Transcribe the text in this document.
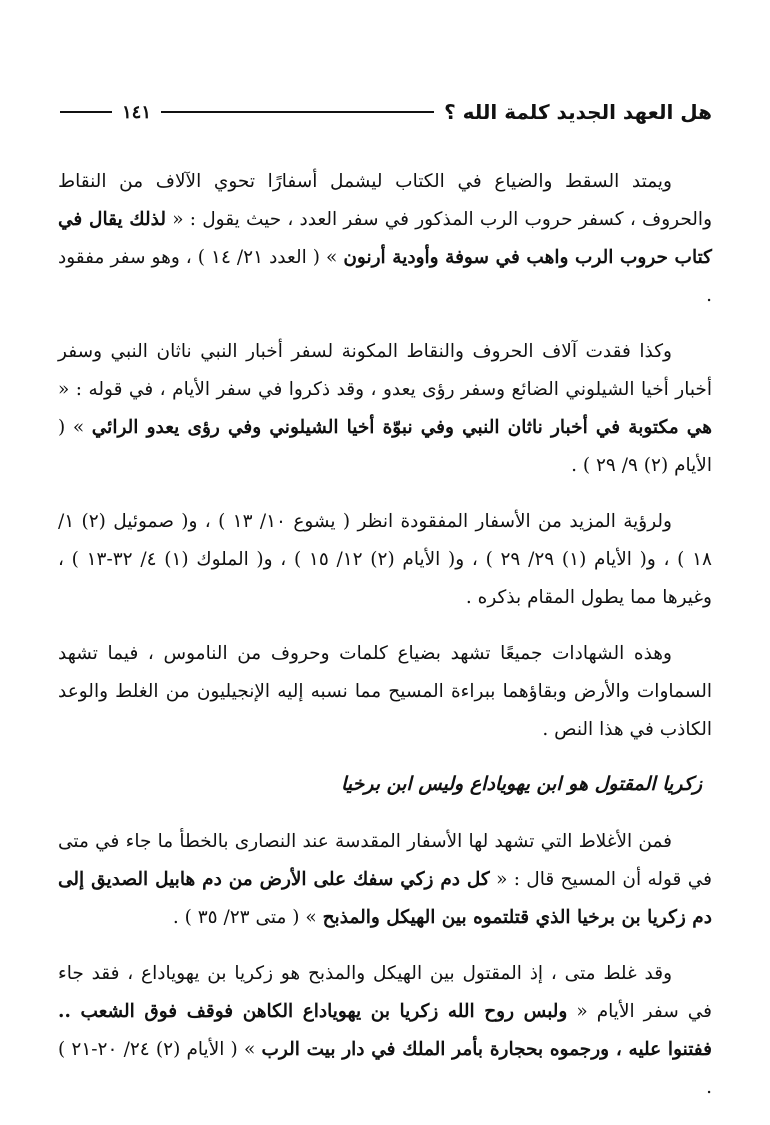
هل العهد الجديد كلمة الله ؟
١٤١

ويمتد السقط والضياع في الكتاب ليشمل أسفارًا تحوي الآلاف من النقاط والحروف ، كسفر حروب الرب المذكور في سفر العدد ، حيث يقول : « لذلك يقال في كتاب حروب الرب واهب في سوفة وأودية أرنون » ( العدد ٢١/ ١٤ ) ، وهو سفر مفقود .

وكذا فقدت آلاف الحروف والنقاط المكونة لسفر أخبار النبي ناثان النبي وسفر أخبار أخيا الشيلوني الضائع وسفر رؤى يعدو ، وقد ذكروا في سفر الأيام ، في قوله : « هي مكتوبة في أخبار ناثان النبي وفي نبوّة أخيا الشيلوني وفي رؤى يعدو الرائي » ( الأيام (٢) ٩/ ٢٩ ) .

ولرؤية المزيد من الأسفار المفقودة انظر ( يشوع ١٠/ ١٣ ) ، و( صموئيل (٢) ١/ ١٨ ) ، و( الأيام (١) ٢٩/ ٢٩ ) ، و( الأيام (٢) ١٢/ ١٥ ) ، و( الملوك (١) ٤/ ٣٢-١٣ ) ، وغيرها مما يطول المقام بذكره .

وهذه الشهادات جميعًا تشهد بضياع كلمات وحروف من الناموس ، فيما تشهد السماوات والأرض وبقاؤهما ببراءة المسيح مما نسبه إليه الإنجيليون من الغلط والوعد الكاذب في هذا النص .

زكريا المقتول هو ابن يهوياداع وليس ابن برخيا

فمن الأغلاط التي تشهد لها الأسفار المقدسة عند النصارى بالخطأ ما جاء في متى في قوله أن المسيح قال : « كل دم زكي سفك على الأرض من دم هابيل الصديق إلى دم زكريا بن برخيا الذي قتلتموه بين الهيكل والمذبح » ( متى ٢٣/ ٣٥ ) .

وقد غلط متى ، إذ المقتول بين الهيكل والمذبح هو زكريا بن يهوياداع ، فقد جاء في سفر الأيام « ولبس روح الله زكريا بن يهوياداع الكاهن فوقف فوق الشعب .. ففتنوا عليه ، ورجموه بحجارة بأمر الملك في دار بيت الرب » ( الأيام (٢) ٢٤/ ٢٠-٢١ ) .
